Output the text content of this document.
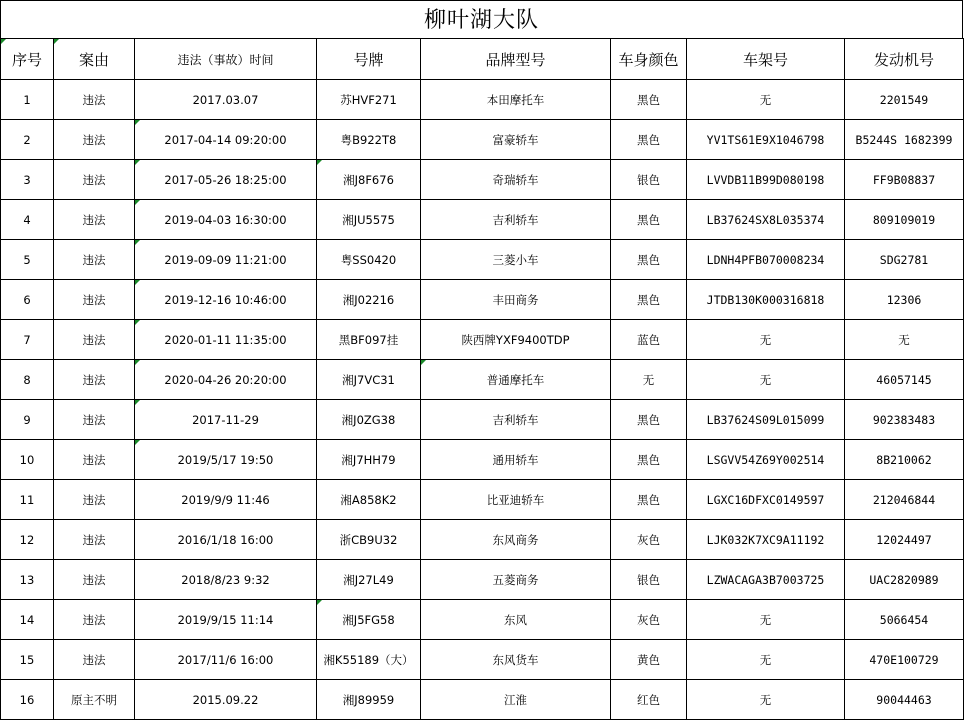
柳叶湖大队
序号	案由	违法（事故）时间	号牌	品牌型号	车身颜色	车架号	发动机号
1	违法	2017.03.07	苏HVF271	本田摩托车	黑色	无	2201549
2	违法	2017-04-14 09:20:00	粤B922T8	富豪轿车	黑色	YV1TS61E9X1046798	B5244S 1682399
3	违法	2017-05-26 18:25:00	湘J8F676	奇瑞轿车	银色	LVVDB11B99D080198	FF9B08837
4	违法	2019-04-03 16:30:00	湘JU5575	吉利轿车	黑色	LB37624SX8L035374	809109019
5	违法	2019-09-09 11:21:00	粤SS0420	三菱小车	黑色	LDNH4PFB070008234	SDG2781
6	违法	2019-12-16 10:46:00	湘J02216	丰田商务	黑色	JTDB130K000316818	12306
7	违法	2020-01-11 11:35:00	黑BF097挂	陕西牌YXF9400TDP	蓝色	无	无
8	违法	2020-04-26 20:20:00	湘J7VC31	普通摩托车	无	无	46057145
9	违法	2017-11-29	湘J0ZG38	吉利轿车	黑色	LB37624S09L015099	902383483
10	违法	2019/5/17 19:50	湘J7HH79	通用轿车	黑色	LSGVV54Z69Y002514	8B210062
11	违法	2019/9/9 11:46	湘A858K2	比亚迪轿车	黑色	LGXC16DFXC0149597	212046844
12	违法	2016/1/18 16:00	浙CB9U32	东风商务	灰色	LJK032K7XC9A11192	12024497
13	违法	2018/8/23 9:32	湘J27L49	五菱商务	银色	LZWACAGA3B7003725	UAC2820989
14	违法	2019/9/15 11:14	湘J5FG58	东风	灰色	无	5066454
15	违法	2017/11/6 16:00	湘K55189（大）	东风货车	黄色	无	470E100729
16	原主不明	2015.09.22	湘J89959	江淮	红色	无	90044463
